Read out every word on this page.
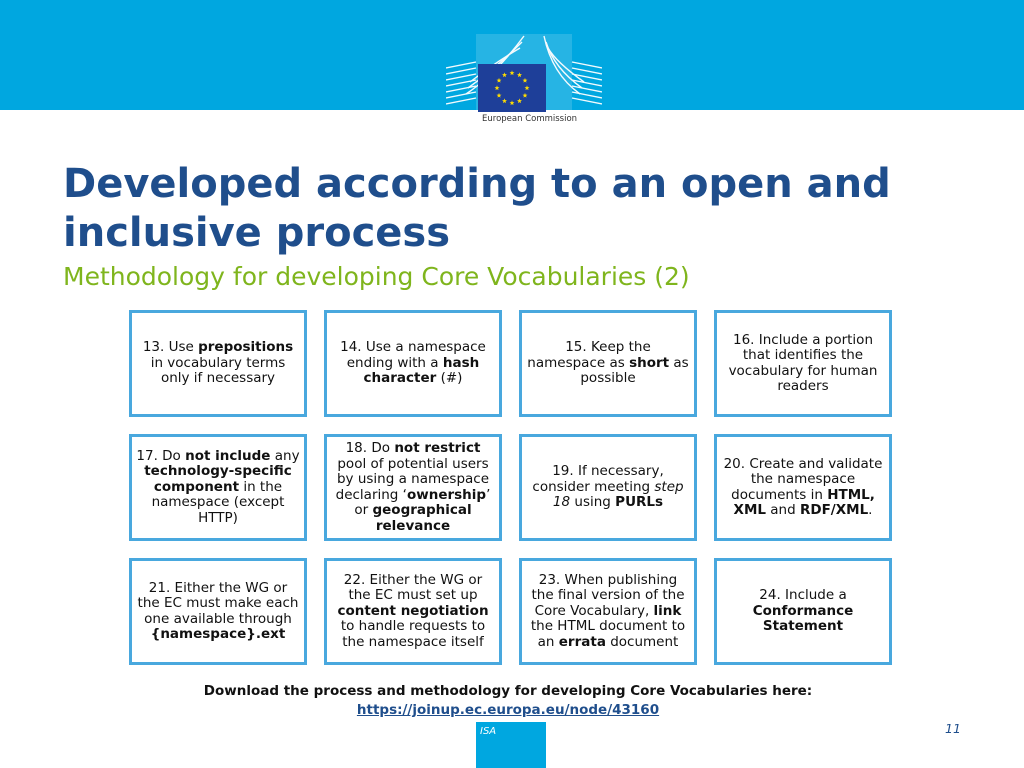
European Commission
Developed according to an open and inclusive process
Methodology for developing Core Vocabularies (2)
13. Use prepositions in vocabulary terms only if necessary
14. Use a namespace ending with a hash character (#)
15. Keep the namespace as short as possible
16. Include a portion that identifies the vocabulary for human readers
17. Do not include any technology-specific component in the namespace (except HTTP)
18. Do not restrict pool of potential users by using a namespace declaring ‘ownership’ or geographical relevance
19. If necessary, consider meeting step 18 using PURLs
20. Create and validate the namespace documents in HTML, XML and RDF/XML.
21. Either the WG or the EC must make each one available through {namespace}.ext
22. Either the WG or the EC must set up content negotiation to handle requests to the namespace itself
23. When publishing the final version of the Core Vocabulary, link the HTML document to an errata document
24. Include a Conformance Statement
Download the process and methodology for developing Core Vocabularies here:
https://joinup.ec.europa.eu/node/43160
ISA	11
